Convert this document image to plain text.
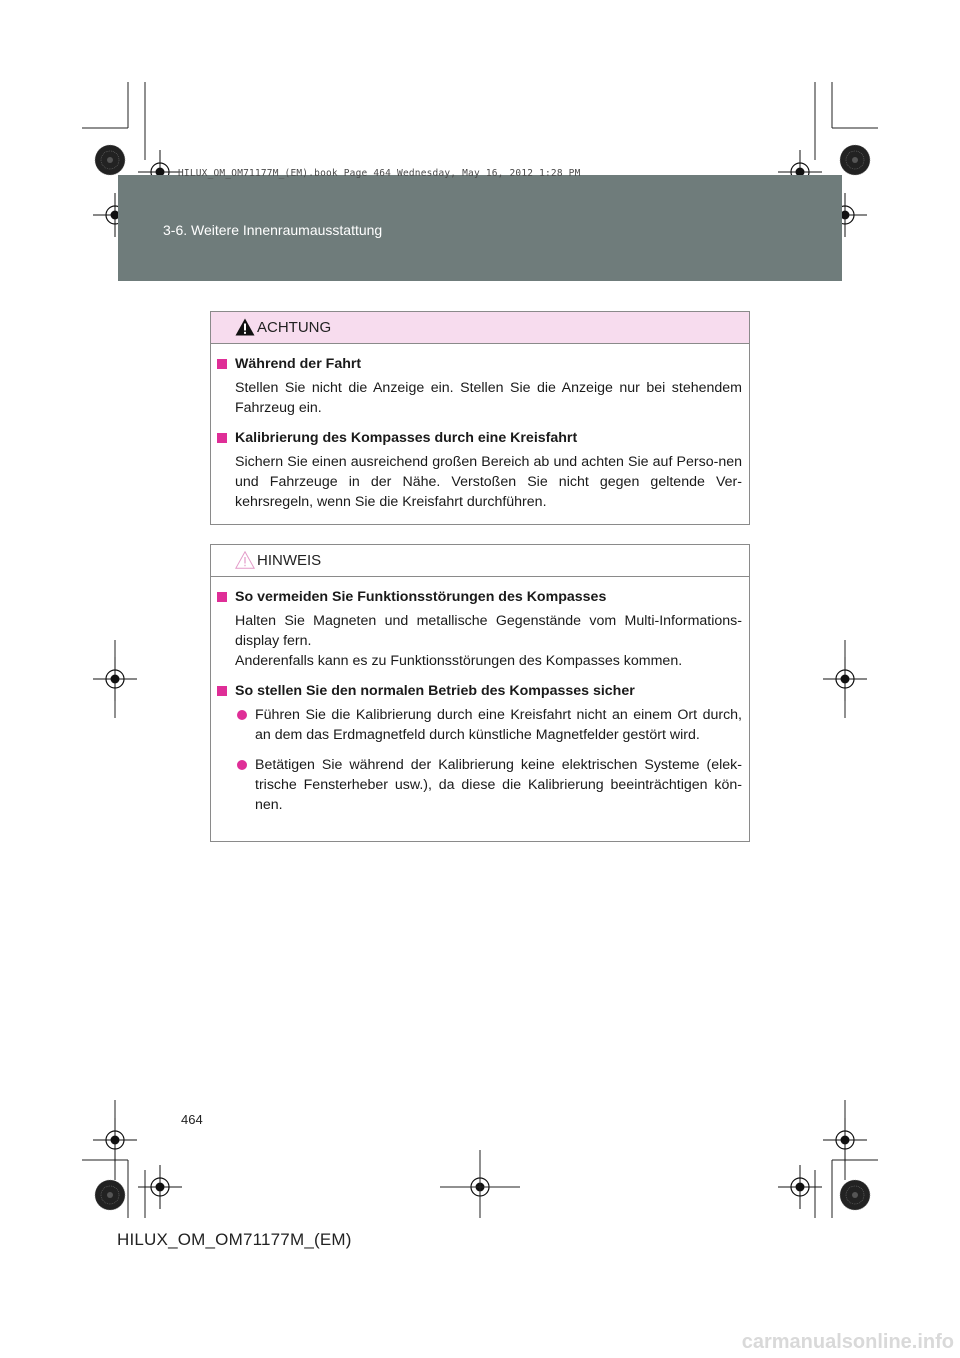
3-6. Weitere Innenraumausstattung
HILUX_OM_OM71177M_(EM).book Page 464 Wednesday, May 16, 2012 1:28 PM
ACHTUNG
Während der Fahrt
Stellen Sie nicht die Anzeige ein. Stellen Sie die Anzeige nur bei stehendem Fahrzeug ein.
Kalibrierung des Kompasses durch eine Kreisfahrt
Sichern Sie einen ausreichend großen Bereich ab und achten Sie auf Perso-nen und Fahrzeuge in der Nähe. Verstoßen Sie nicht gegen geltende Ver-kehrsregeln, wenn Sie die Kreisfahrt durchführen.
HINWEIS
So vermeiden Sie Funktionsstörungen des Kompasses
Halten Sie Magneten und metallische Gegenstände vom Multi-Informations-display fern.
Anderenfalls kann es zu Funktionsstörungen des Kompasses kommen.
So stellen Sie den normalen Betrieb des Kompasses sicher
Führen Sie die Kalibrierung durch eine Kreisfahrt nicht an einem Ort durch, an dem das Erdmagnetfeld durch künstliche Magnetfelder gestört wird.
Betätigen Sie während der Kalibrierung keine elektrischen Systeme (elek-trische Fensterheber usw.), da diese die Kalibrierung beeinträchtigen kön-nen.
464
HILUX_OM_OM71177M_(EM)
carmanualsonline.info
